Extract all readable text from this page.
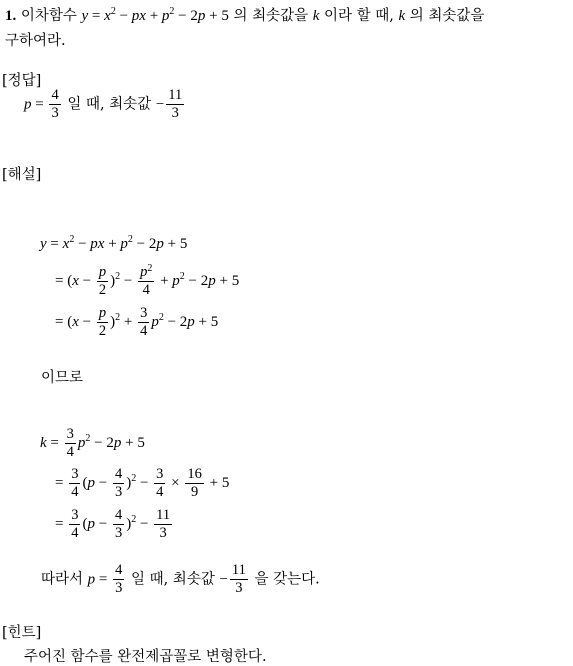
1. 이차함수 $y = x^2$ − px + $p^2 - 2p + 5$ 의 최솟값을 k 이라 할 때, k 의 최솟값을
구하여라.
[정답]
$p = \frac{4}{3}$ 일 때, 최솟값 − $\frac{11}{3}$
[해설]
$y = x^2$ − px + $p^2 - 2p + 5$
= $(x - \frac{p}{2} )^2 - \frac{p^2}{4} + p^2 - 2p + 5$
= $(x - \frac{p}{2} )^2 + \frac{3}{4} p^2 - 2p + 5$
이므로
$k = \frac{3}{4} p^2 - 2p + 5$
= $\frac{3}{4} (p - \frac{4}{3} )^2 - \frac{3}{4} \times \frac{16}{9} + 5$
= $\frac{3}{4} (p - \frac{4}{3} )^2 - \frac{11}{3}$
따라서 $p = \frac{4}{3}$ 일 때, 최솟값 − $\frac{11}{3}$ 을 갖는다.
[힌트]
주어진 함수를 완전제곱꼴로 변형한다.
